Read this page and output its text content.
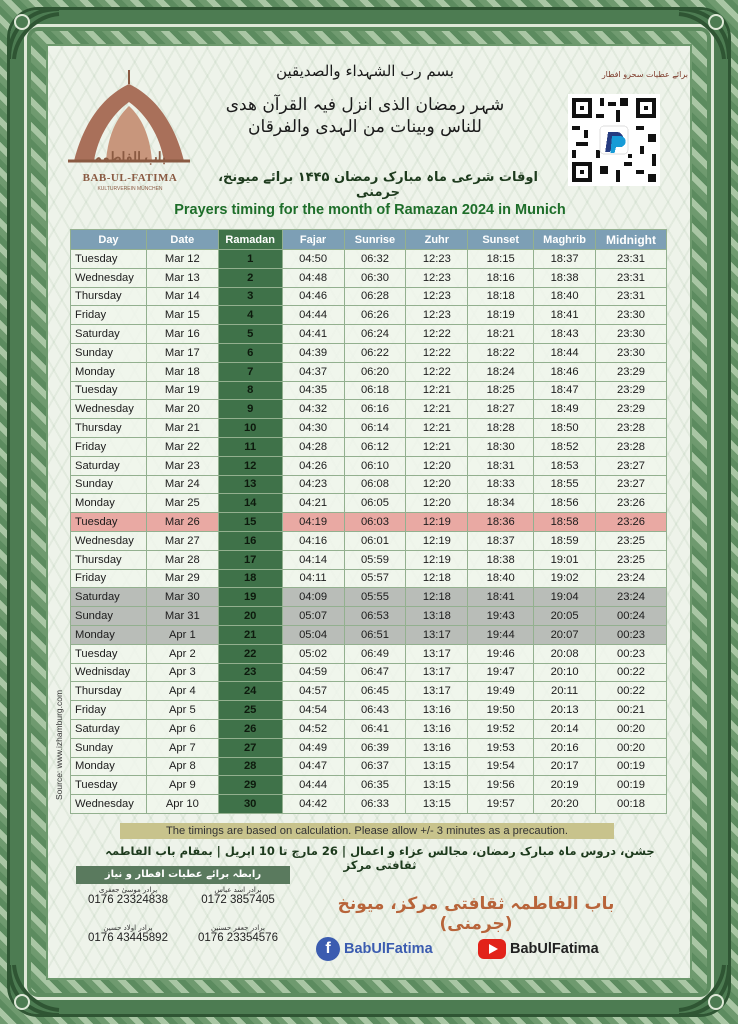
باب الفاطمہ
BAB-UL-FATIMA
KULTURVEREIN MÜNCHEN
بسم رب الشہداء والصدیقین
شہر رمضان الذی انزل فیہ القرآن ھدی للناس وبینات من الہدی والفرقان
اوقات شرعی ماہ مبارک رمضان ۱۴۴۵ برائے میونخ، جرمنی
برائے عطیات سحرو افطار
Prayers timing for the month of Ramazan 2024 in Munich
Day	Date	Ramadan	Fajar	Sunrise	Zuhr	Sunset	Maghrib	Midnight
Tuesday	Mar 12	1	04:50	06:32	12:23	18:15	18:37	23:31
Wednesday	Mar 13	2	04:48	06:30	12:23	18:16	18:38	23:31
Thursday	Mar 14	3	04:46	06:28	12:23	18:18	18:40	23:31
Friday	Mar 15	4	04:44	06:26	12:23	18:19	18:41	23:30
Saturday	Mar 16	5	04:41	06:24	12:22	18:21	18:43	23:30
Sunday	Mar 17	6	04:39	06:22	12:22	18:22	18:44	23:30
Monday	Mar 18	7	04:37	06:20	12:22	18:24	18:46	23:29
Tuesday	Mar 19	8	04:35	06:18	12:21	18:25	18:47	23:29
Wednesday	Mar 20	9	04:32	06:16	12:21	18:27	18:49	23:29
Thursday	Mar 21	10	04:30	06:14	12:21	18:28	18:50	23:28
Friday	Mar 22	11	04:28	06:12	12:21	18:30	18:52	23:28
Saturday	Mar 23	12	04:26	06:10	12:20	18:31	18:53	23:27
Sunday	Mar 24	13	04:23	06:08	12:20	18:33	18:55	23:27
Monday	Mar 25	14	04:21	06:05	12:20	18:34	18:56	23:26
Tuesday	Mar 26	15	04:19	06:03	12:19	18:36	18:58	23:26
Wednesday	Mar 27	16	04:16	06:01	12:19	18:37	18:59	23:25
Thursday	Mar 28	17	04:14	05:59	12:19	18:38	19:01	23:25
Friday	Mar 29	18	04:11	05:57	12:18	18:40	19:02	23:24
Saturday	Mar 30	19	04:09	05:55	12:18	18:41	19:04	23:24
Sunday	Mar 31	20	05:07	06:53	13:18	19:43	20:05	00:24
Monday	Apr 1	21	05:04	06:51	13:17	19:44	20:07	00:23
Tuesday	Apr 2	22	05:02	06:49	13:17	19:46	20:08	00:23
Wednisday	Apr 3	23	04:59	06:47	13:17	19:47	20:10	00:22
Thursday	Apr 4	24	04:57	06:45	13:17	19:49	20:11	00:22
Friday	Apr 5	25	04:54	06:43	13:16	19:50	20:13	00:21
Saturday	Apr 6	26	04:52	06:41	13:16	19:52	20:14	00:20
Sunday	Apr 7	27	04:49	06:39	13:16	19:53	20:16	00:20
Monday	Apr 8	28	04:47	06:37	13:15	19:54	20:17	00:19
Tuesday	Apr 9	29	04:44	06:35	13:15	19:56	20:19	00:19
Wednesday	Apr 10	30	04:42	06:33	13:15	19:57	20:20	00:18
Source: www.izhamburg.com
The timings are based on calculation. Please allow +/- 3 minutes as a precaution.
جشن، دروس ماہ مبارک رمضان، مجالس عزاء و اعمال | 26 مارچ تا 10 اپریل | بمقام باب الفاطمہ ثقافتی مرکز
رابطہ برائے عطیات افطار و نیاز
برادر موسیٰ جعفری
0176 23324838
برادر اسد عباس
0172 3857405
برادر اولاد حسین
0176 43445892
برادر جعفر حسنین
0176 23354576
باب الفاطمہ ثقافتی مرکز، میونخ (جرمنی)
f BabUlFatima	BabUlFatima
